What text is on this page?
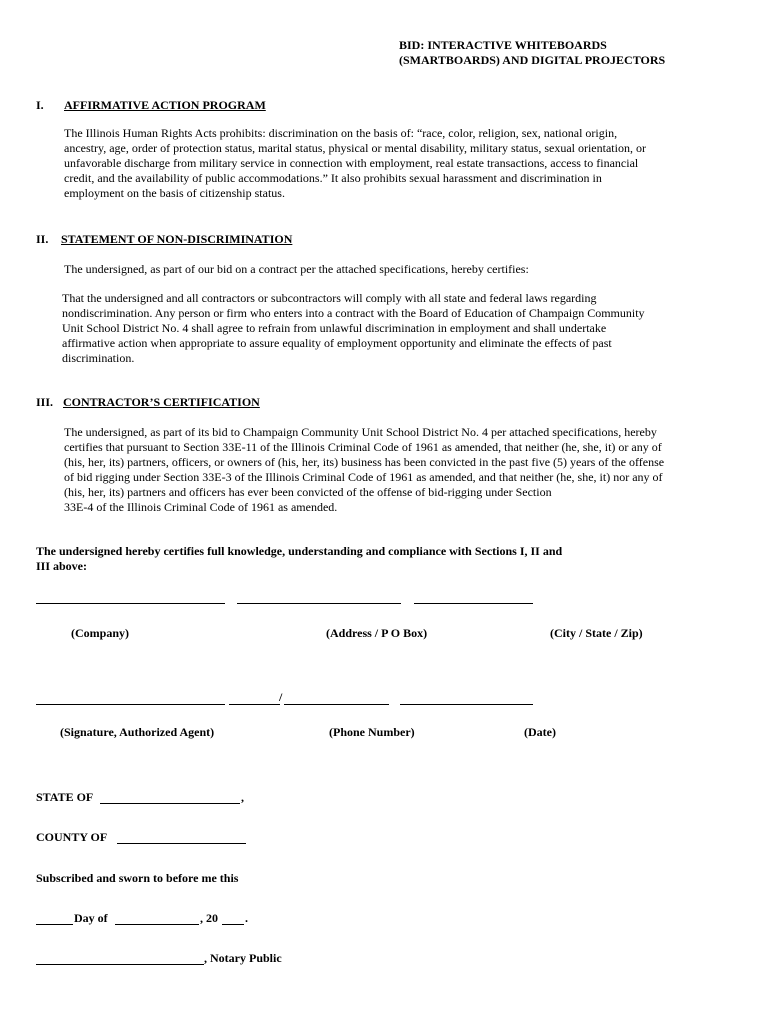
BID: INTERACTIVE WHITEBOARDS
(SMARTBOARDS) AND DIGITAL PROJECTORS
I. AFFIRMATIVE ACTION PROGRAM

The Illinois Human Rights Acts prohibits: discrimination on the basis of: “race, color, religion, sex, national origin,

ancestry, age, order of protection status, marital status, physical or mental disability, military status, sexual orientation, or

unfavorable discharge from military service in connection with employment, real estate transactions, access to financial

credit, and the availability of public accommodations.” It also prohibits sexual harassment and discrimination in

employment on the basis of citizenship status.

II. STATEMENT OF NON-DISCRIMINATION
The undersigned, as part of our bid on a contract per the attached specifications, hereby certifies:

That the undersigned and all contractors or subcontractors will comply with all state and federal laws regarding

nondiscrimination. Any person or firm who enters into a contract with the Board of Education of Champaign Community

Unit School District No. 4 shall agree to refrain from unlawful discrimination in employment and shall undertake

affirmative action when appropriate to assure equality of employment opportunity and eliminate the effects of past

discrimination.

III. CONTRACTOR’S CERTIFICATION

The undersigned, as part of its bid to Champaign Community Unit School District No. 4 per attached specifications, hereby

certifies that pursuant to Section 33E-11 of the Illinois Criminal Code of 1961 as amended, that neither (he, she, it) or any of

(his, her, its) partners, officers, or owners of (his, her, its) business has been convicted in the past five (5) years of the offense

of bid rigging under Section 33E-3 of the Illinois Criminal Code of 1961 as amended, and that neither (he, she, it) nor any of

(his, her, its) partners and officers has ever been convicted of the offense of bid-rigging under Section

33E-4 of the Illinois Criminal Code of 1961 as amended.

The undersigned hereby certifies full knowledge, understanding and compliance with Sections I, II and

III above:

(Company)	(Address / P O Box)	(City / State / Zip)
/
(Signature, Authorized Agent)	(Phone Number)	(Date)
STATE OF	,
COUNTY OF
Subscribed and sworn to before me this
Day of	, 20 .
, Notary Public
